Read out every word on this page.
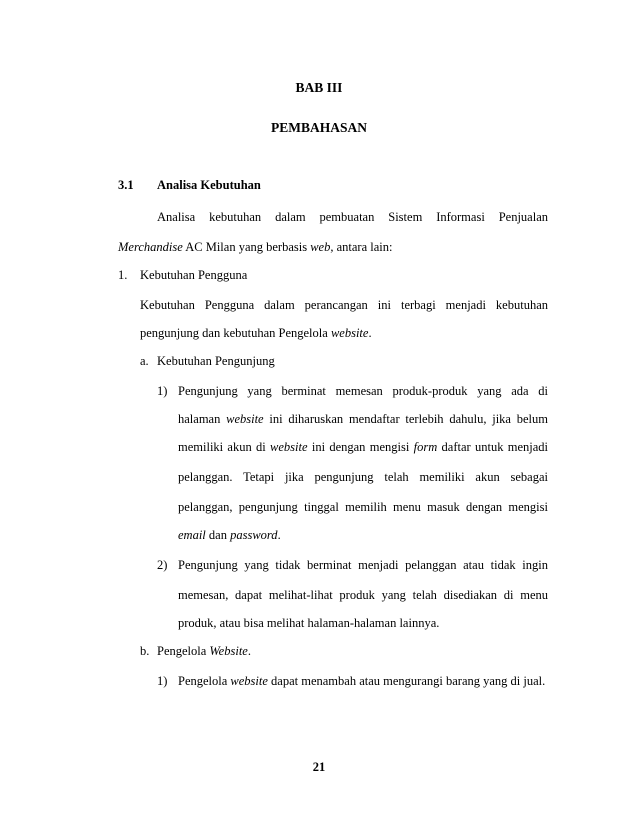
BAB III
PEMBAHASAN
3.1 Analisa Kebutuhan
Analisa kebutuhan dalam pembuatan Sistem Informasi Penjualan
Merchandise AC Milan yang berbasis web, antara lain:
1. Kebutuhan Pengguna
Kebutuhan Pengguna dalam perancangan ini terbagi menjadi kebutuhan
pengunjung dan kebutuhan Pengelola website.
a. Kebutuhan Pengunjung
1) Pengunjung yang berminat memesan produk-produk yang ada di
halaman website ini diharuskan mendaftar terlebih dahulu, jika belum
memiliki akun di website ini dengan mengisi form daftar untuk menjadi
pelanggan. Tetapi jika pengunjung telah memiliki akun sebagai
pelanggan, pengunjung tinggal memilih menu masuk dengan mengisi
email dan password.
2) Pengunjung yang tidak berminat menjadi pelanggan atau tidak ingin
memesan, dapat melihat-lihat produk yang telah disediakan di menu
produk, atau bisa melihat halaman-halaman lainnya.
b. Pengelola Website.
1) Pengelola website dapat menambah atau mengurangi barang yang di jual.
21
